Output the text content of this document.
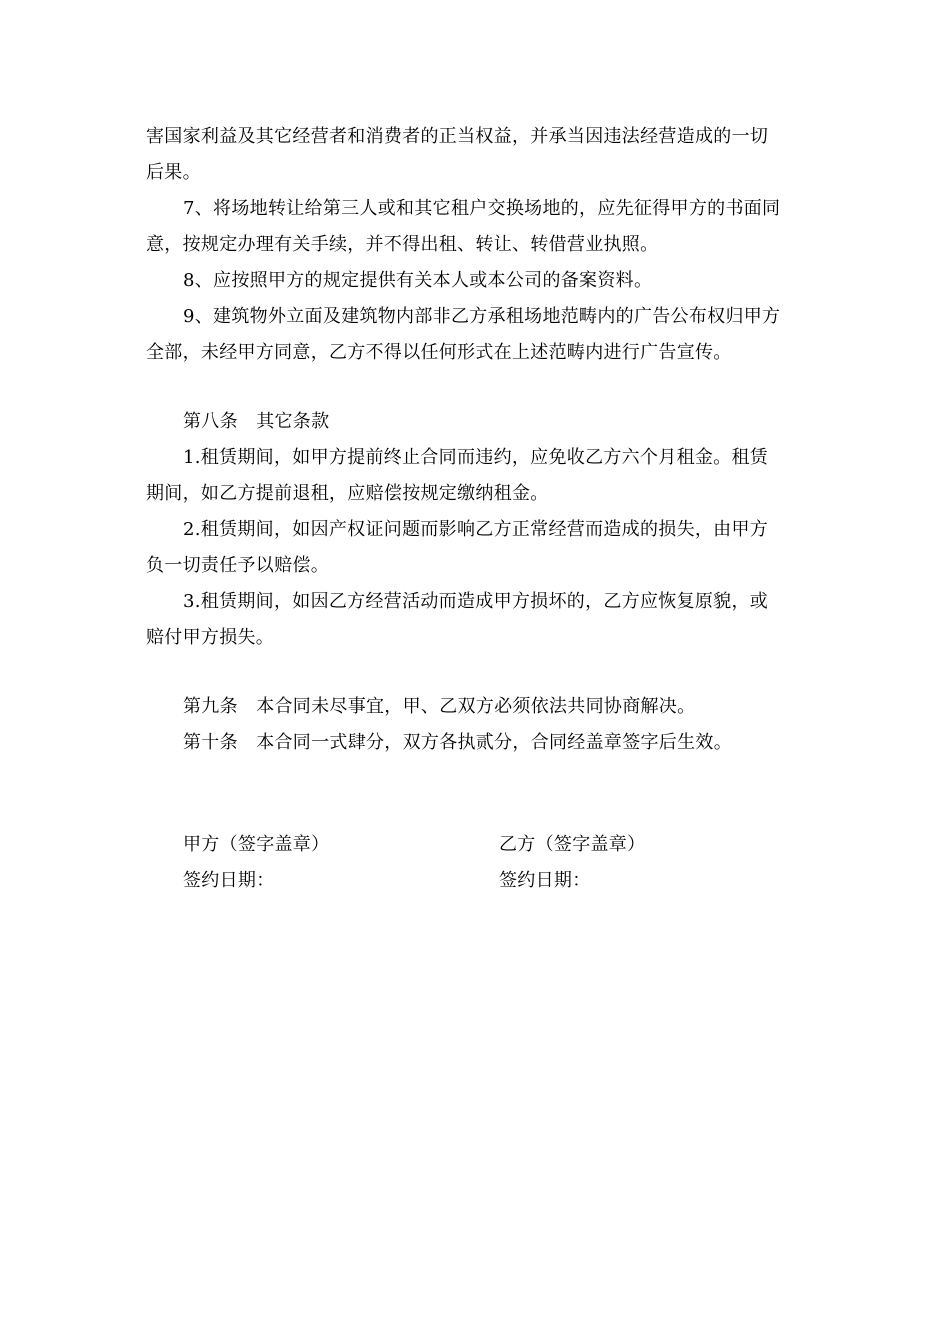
害国家利益及其它经营者和消费者的正当权益，并承当因违法经营造成的一切
后果。
7、将场地转让给第三人或和其它租户交换场地的，应先征得甲方的书面同
意，按规定办理有关手续，并不得出租、转让、转借营业执照。
8、应按照甲方的规定提供有关本人或本公司的备案资料。
9、建筑物外立面及建筑物内部非乙方承租场地范畴内的广告公布权归甲方
全部，未经甲方同意，乙方不得以任何形式在上述范畴内进行广告宣传。
第八条　其它条款
1.租赁期间，如甲方提前终止合同而违约，应免收乙方六个月租金。租赁
期间，如乙方提前退租，应赔偿按规定缴纳租金。
2.租赁期间，如因产权证问题而影响乙方正常经营而造成的损失，由甲方
负一切责任予以赔偿。
3.租赁期间，如因乙方经营活动而造成甲方损坏的，乙方应恢复原貌，或
赔付甲方损失。
第九条　本合同未尽事宜，甲、乙双方必须依法共同协商解决。
第十条　本合同一式肆分，双方各执贰分，合同经盖章签字后生效。
甲方（签字盖章）
签约日期：
乙方（签字盖章）
签约日期：
